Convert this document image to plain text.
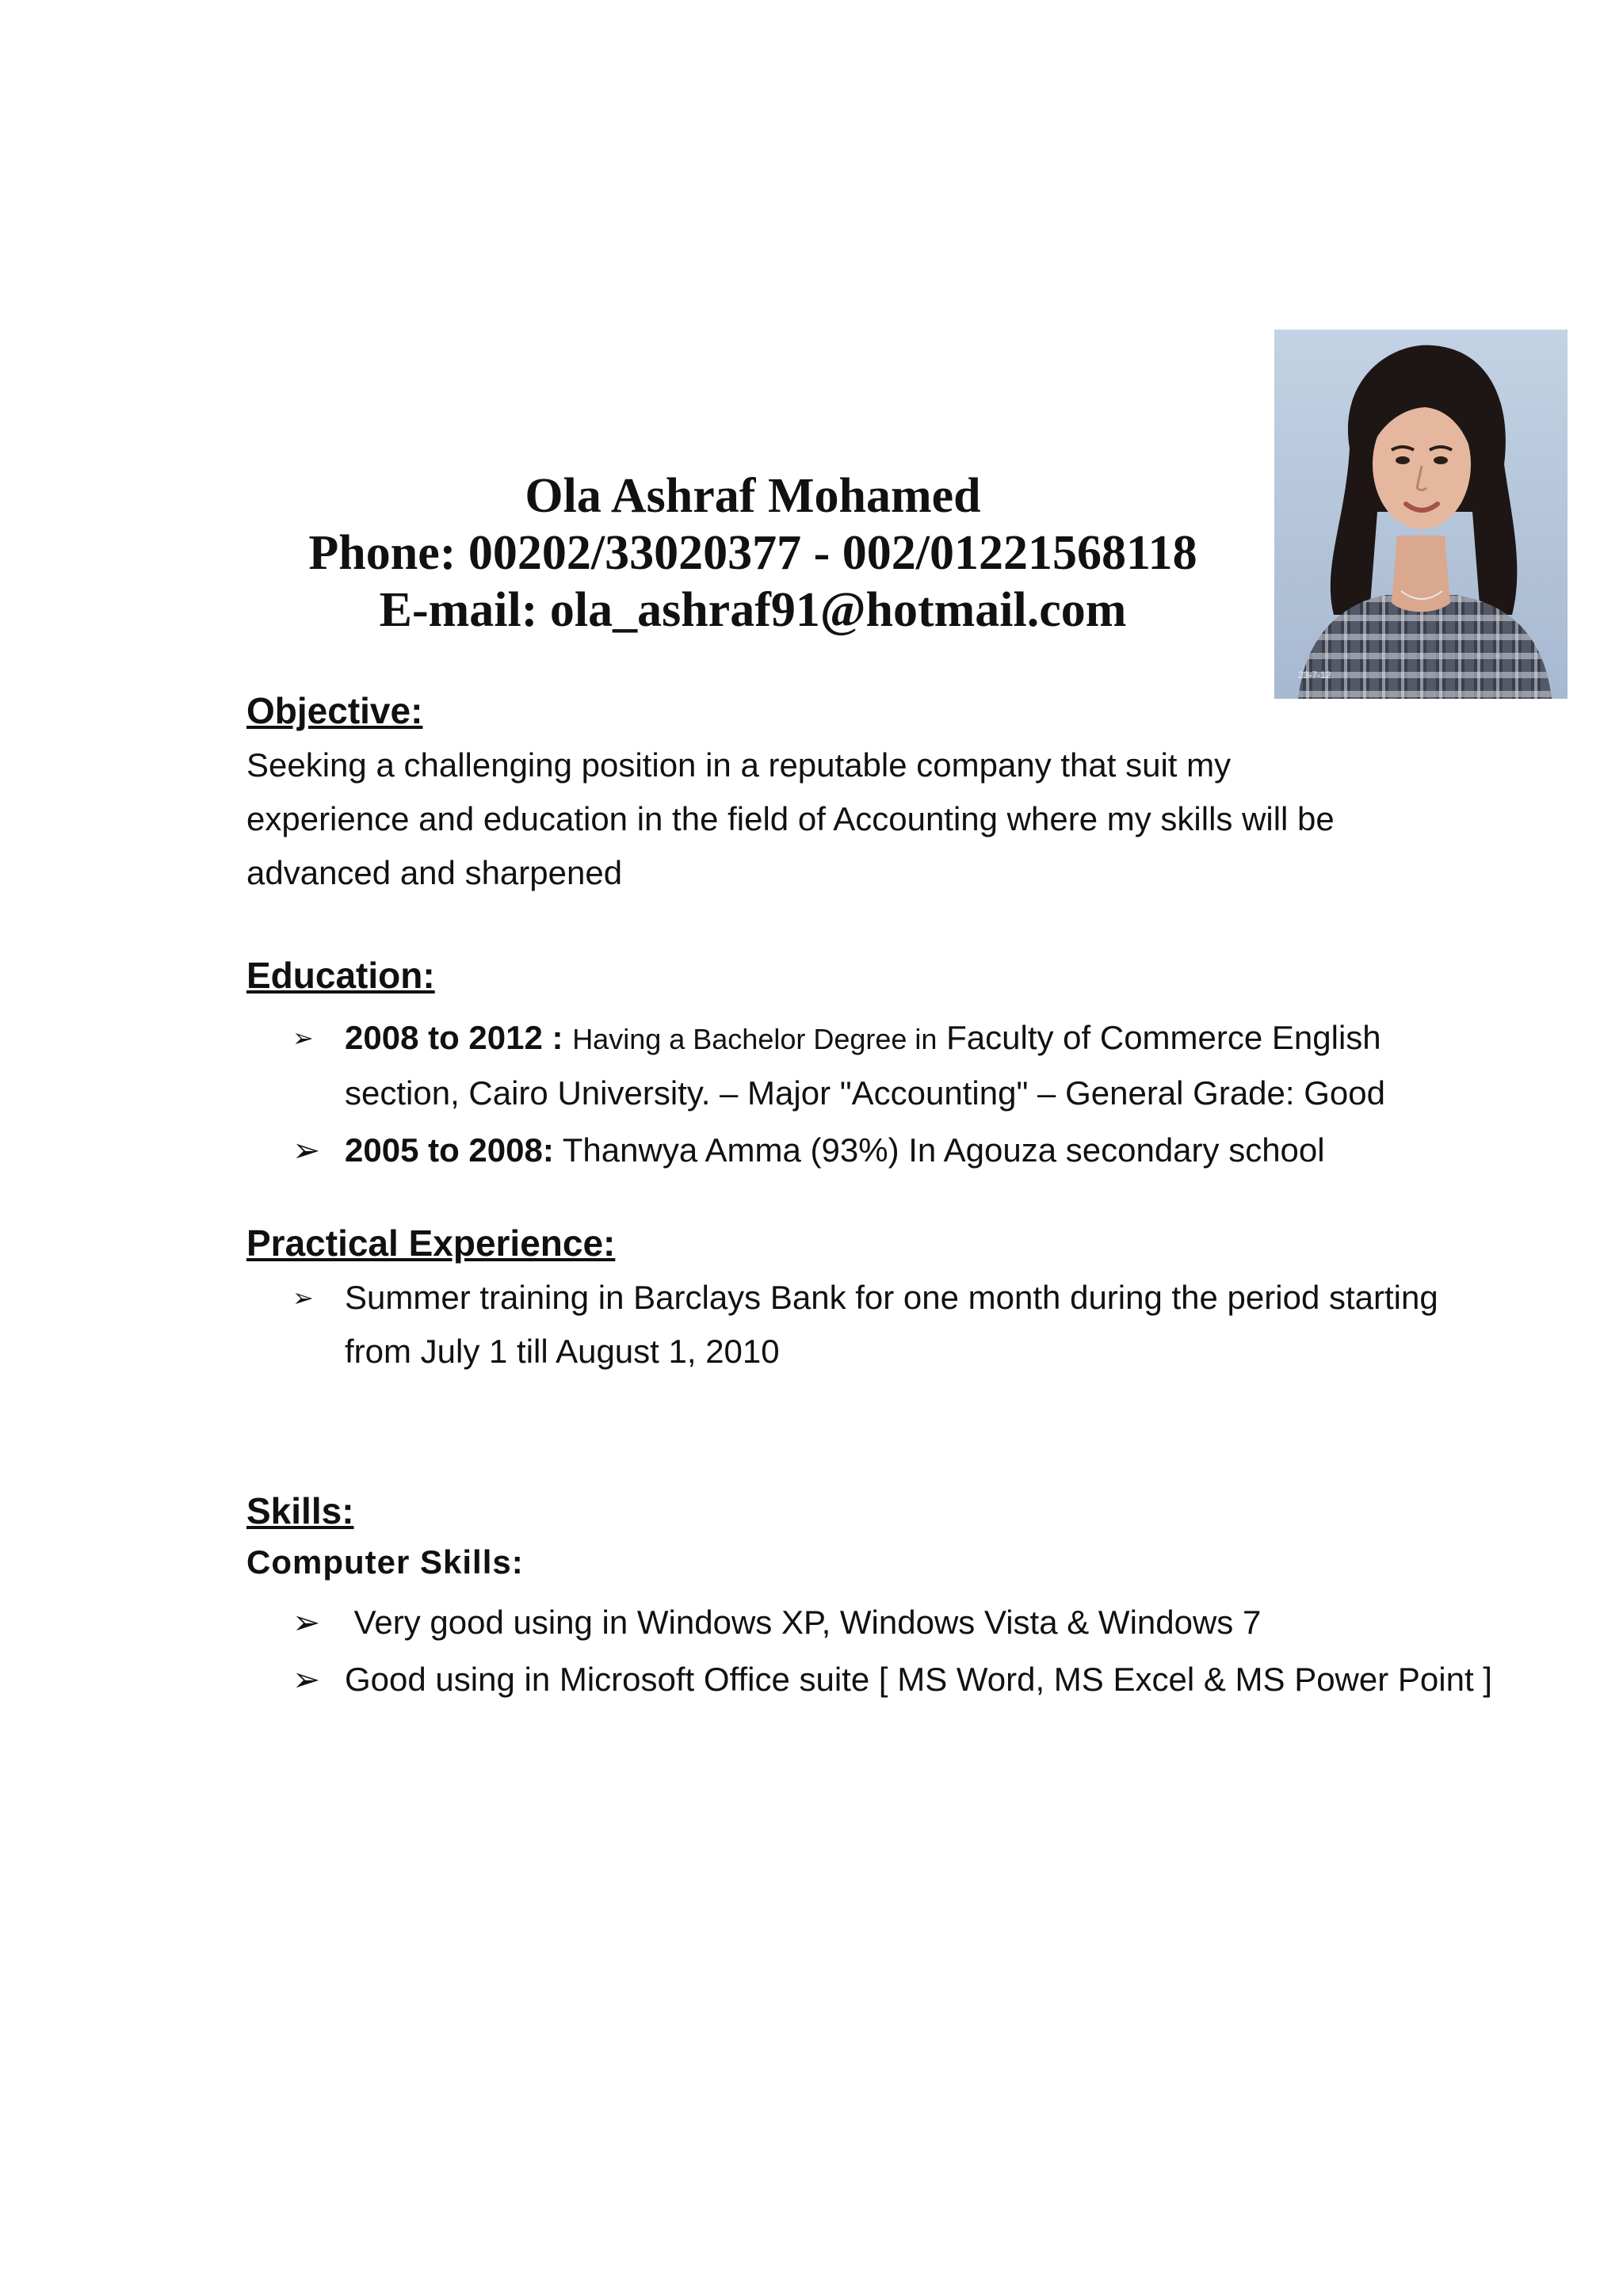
Ola Ashraf Mohamed
Phone: 00202/33020377 - 002/01221568118
E-mail: ola_ashraf91@hotmail.com
23-7-12
Objective:

Seeking a challenging position in a reputable company that suit my experience and education in the field of Accounting where my skills will be advanced and sharpened

Education:
➢ 2008 to 2012 : Having a Bachelor Degree in Faculty of Commerce English section, Cairo University. – Major "Accounting" – General Grade: Good
➢ 2005 to 2008: Thanwya Amma (93%) In Agouza secondary school
Practical Experience:
➢ Summer training in Barclays Bank for one month during the period starting from July 1 till August 1, 2010
Skills:

Computer Skills:

➢ Very good using in Windows XP, Windows Vista & Windows 7
➢ Good using in Microsoft Office suite [ MS Word, MS Excel & MS Power Point ]
